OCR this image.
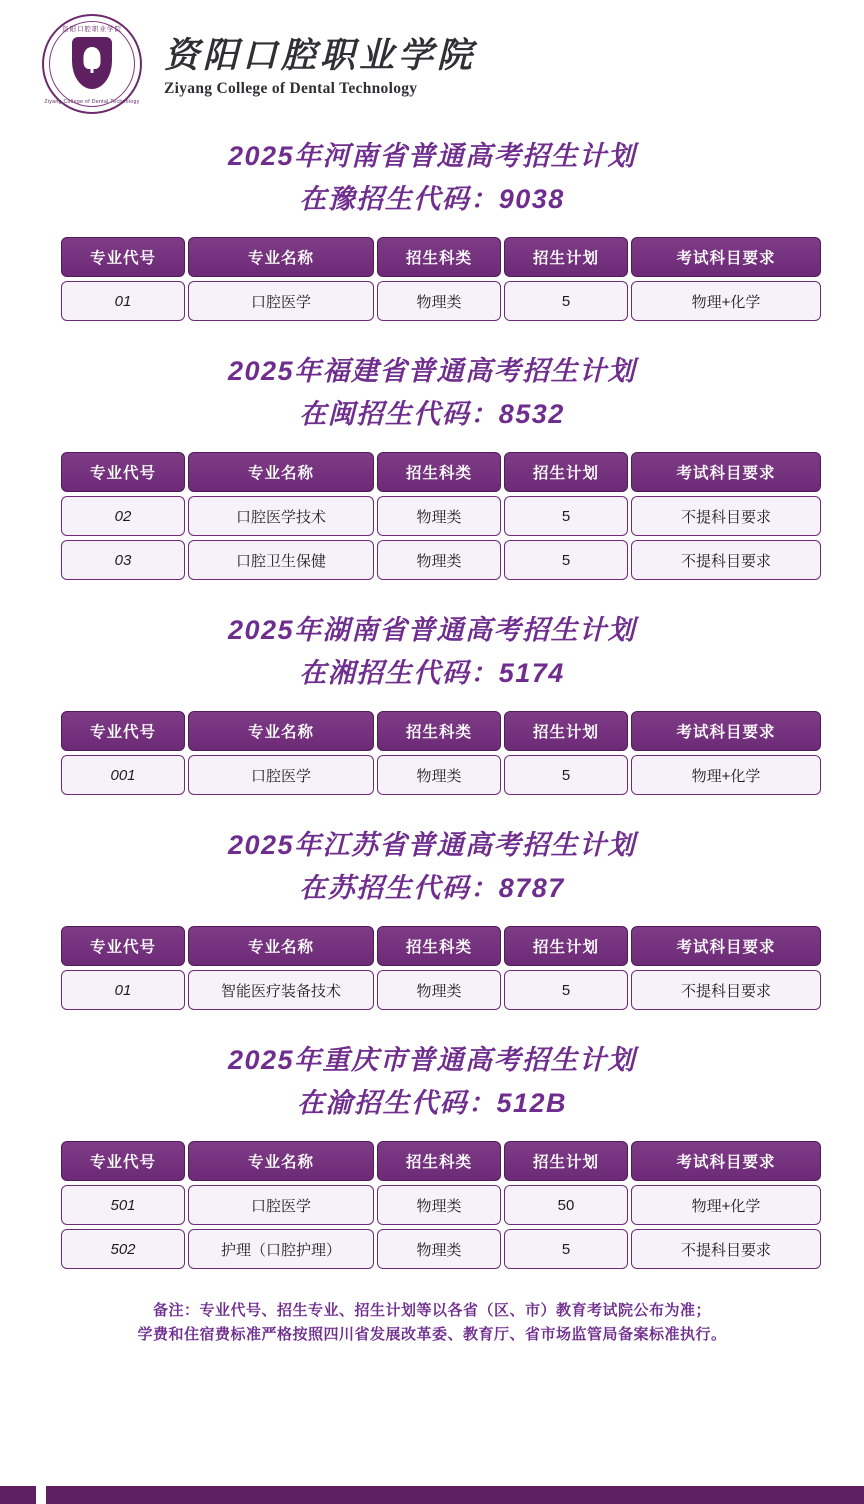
资阳口腔职业学院
Ziyang College of Dental Technology
资阳口腔职业学院
Ziyang College of Dental Technology
2025年河南省普通高考招生计划
在豫招生代码：9038
专业代号	专业名称	招生科类	招生计划	考试科目要求
01	口腔医学	物理类	5	物理+化学
2025年福建省普通高考招生计划
在闽招生代码：8532
专业代号	专业名称	招生科类	招生计划	考试科目要求
02	口腔医学技术	物理类	5	不提科目要求
03	口腔卫生保健	物理类	5	不提科目要求
2025年湖南省普通高考招生计划
在湘招生代码：5174
专业代号	专业名称	招生科类	招生计划	考试科目要求
001	口腔医学	物理类	5	物理+化学
2025年江苏省普通高考招生计划
在苏招生代码：8787
专业代号	专业名称	招生科类	招生计划	考试科目要求
01	智能医疗装备技术	物理类	5	不提科目要求
2025年重庆市普通高考招生计划
在渝招生代码：512B
专业代号	专业名称	招生科类	招生计划	考试科目要求
501	口腔医学	物理类	50	物理+化学
502	护理（口腔护理）	物理类	5	不提科目要求
备注：专业代号、招生专业、招生计划等以各省（区、市）教育考试院公布为准；
学费和住宿费标准严格按照四川省发展改革委、教育厅、省市场监管局备案标准执行。
